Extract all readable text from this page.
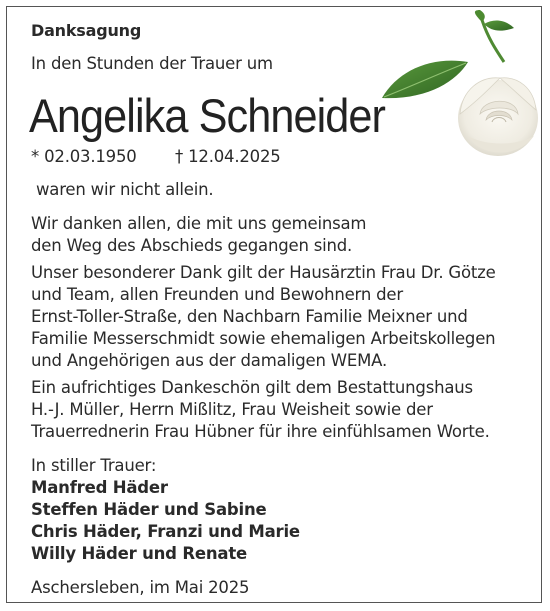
Danksagung
In den Stunden der Trauer um
Angelika Schneider
* 02.03.1950 † 12.04.2025
waren wir nicht allein.
Wir danken allen, die mit uns gemeinsam
den Weg des Abschieds gegangen sind.
Unser besonderer Dank gilt der Hausärztin Frau Dr. Götze
und Team, allen Freunden und Bewohnern der
Ernst-Toller-Straße, den Nachbarn Familie Meixner und
Familie Messerschmidt sowie ehemaligen Arbeitskollegen
und Angehörigen aus der damaligen WEMA.
Ein aufrichtiges Dankeschön gilt dem Bestattungshaus
H.-J. Müller, Herrn Mißlitz, Frau Weisheit sowie der
Trauerrednerin Frau Hübner für ihre einfühlsamen Worte.
In stiller Trauer:
Manfred Häder
Steffen Häder und Sabine
Chris Häder, Franzi und Marie
Willy Häder und Renate
Aschersleben, im Mai 2025
